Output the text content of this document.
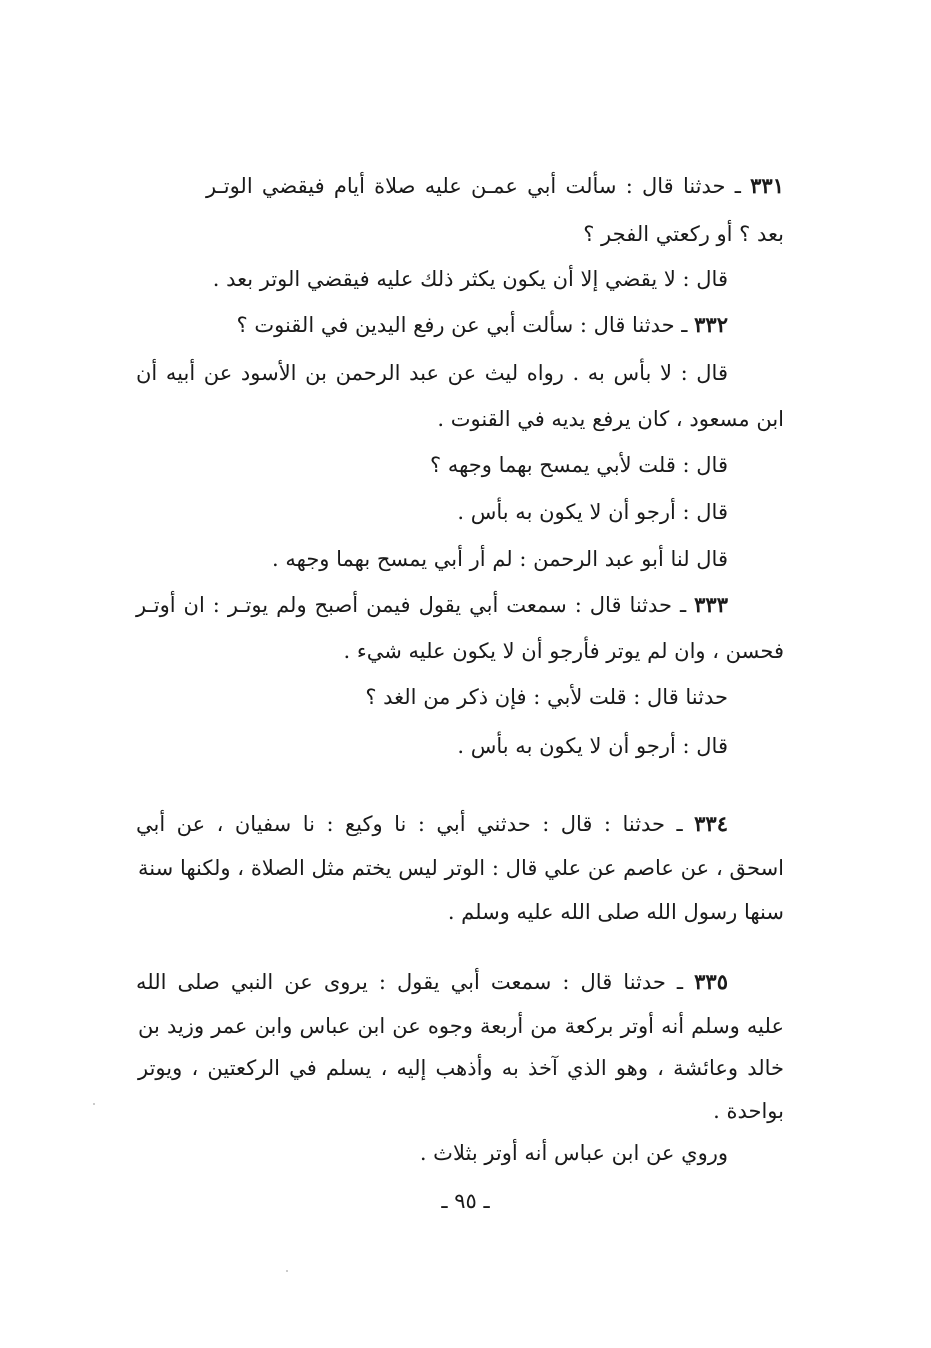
٣٣١ ـ حدثنا قال : سألت أبي عمـن عليه صلاة أيام فيقضي الوتـر
بعد ؟ أو ركعتي الفجر ؟
قال : لا يقضي إلا أن يكون يكثر ذلك عليه فيقضي الوتر بعد .
٣٣٢ ـ حدثنا قال : سألت أبي عن رفع اليدين في القنوت ؟
قال : لا بأس به . رواه ليث عن عبد الرحمن بن الأسود عن أبيه أن
ابن مسعود ، كان يرفع يديه في القنوت .
قال : قلت لأبي يمسح بهما وجهه ؟
قال : أرجو أن لا يكون به بأس .
قال لنا أبو عبد الرحمن : لم أر أبي يمسح بهما وجهه .
٣٣٣ ـ حدثنا قال : سمعت أبي يقول فيمن أصبح ولم يوتـر : ان أوتـر
فحسن ، وان لم يوتر فأرجو أن لا يكون عليه شيء .
حدثنا قال : قلت لأبي : فإن ذكر من الغد ؟
قال : أرجو أن لا يكون به بأس .
٣٣٤ ـ حدثنا : قال : حدثني أبي : نا وكيع : نا سفيان ، عن أبي
اسحق ، عن عاصم عن علي قال : الوتر ليس يختم مثل الصلاة ، ولكنها سنة
سنها رسول الله صلى الله عليه وسلم .
٣٣٥ ـ حدثنا قال : سمعت أبي يقول : يروى عن النبي صلى الله
عليه وسلم أنه أوتر بركعة من أربعة وجوه عن ابن عباس وابن عمر وزيد بن
خالد وعائشة ، وهو الذي آخذ به وأذهب إليه ، يسلم في الركعتين ، ويوتر
بواحدة .
وروي عن ابن عباس أنه أوتر بثلاث .
ـ ٩٥ ـ
